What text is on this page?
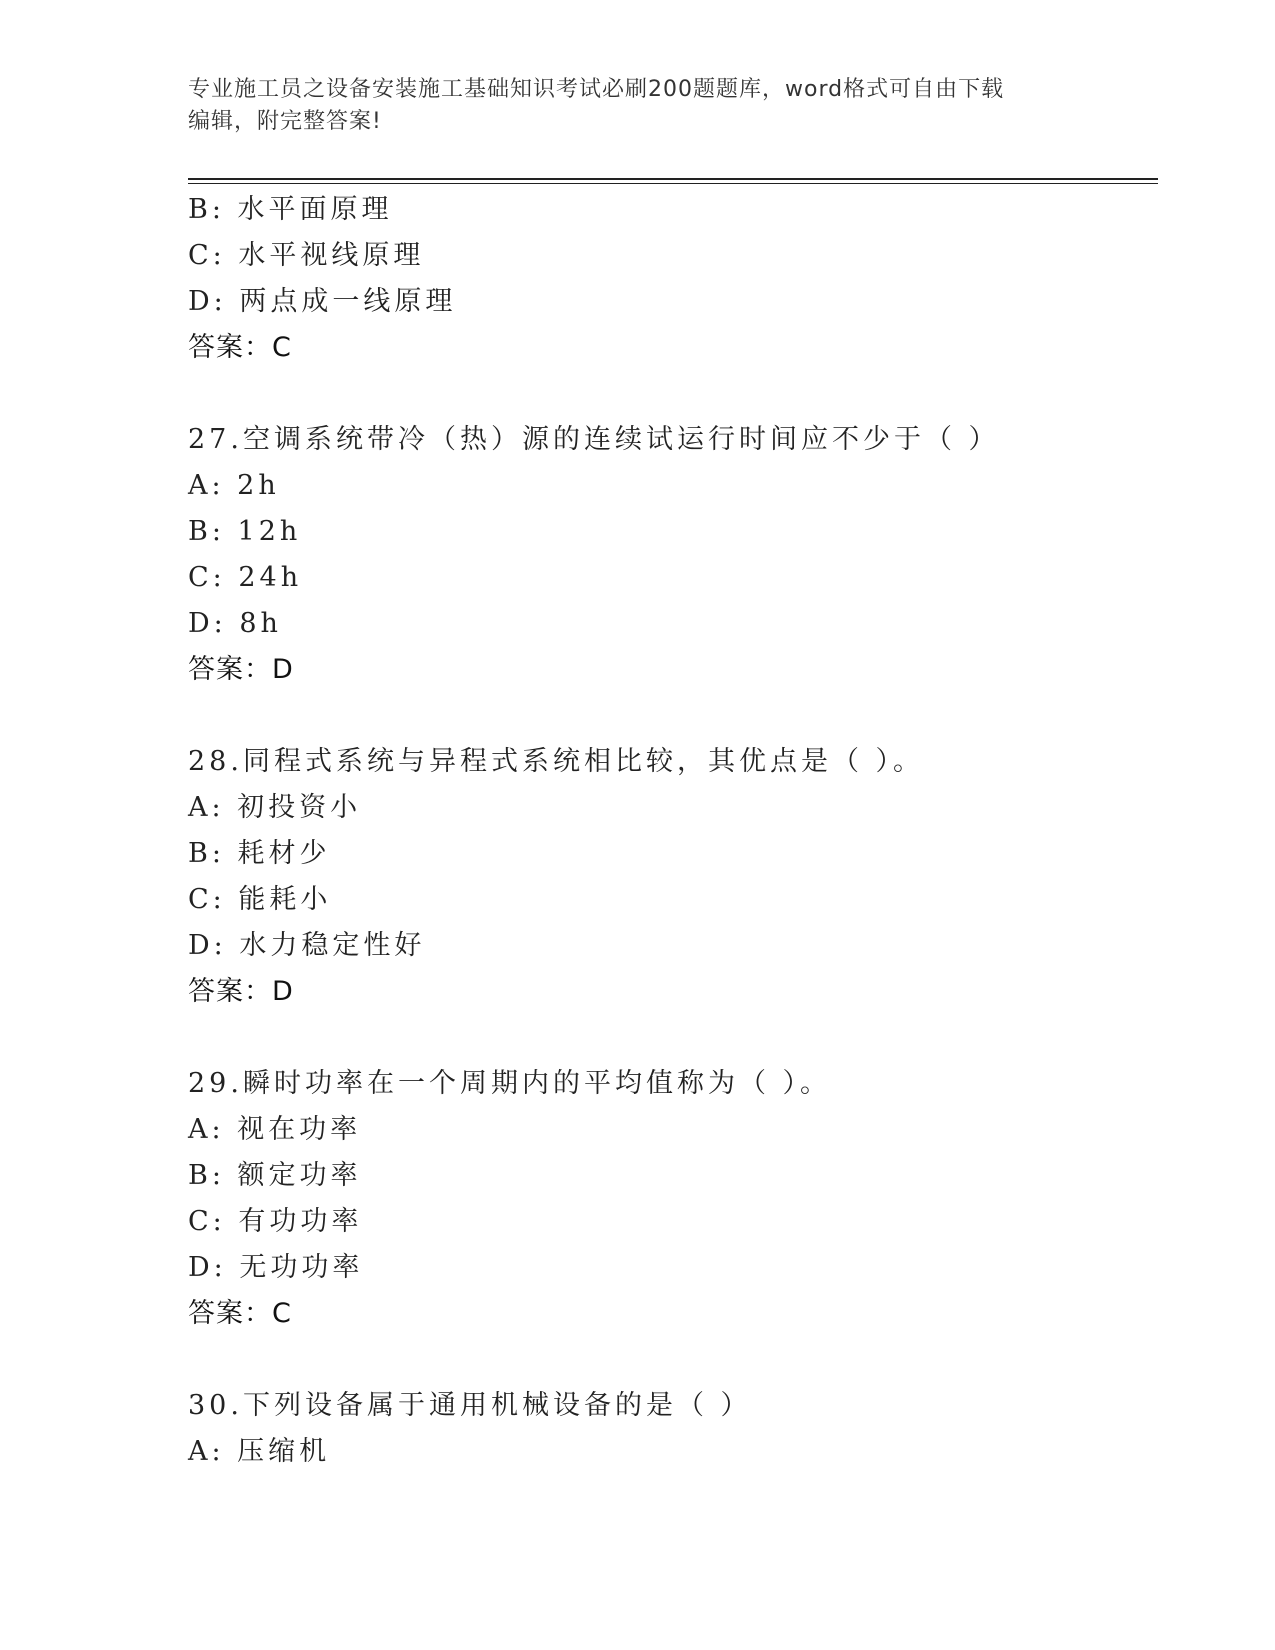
专业施工员之设备安装施工基础知识考试必刷200题题库，word格式可自由下载
编辑，附完整答案!
B: 水平面原理
C: 水平视线原理
D: 两点成一线原理
答案：C
27.空调系统带冷（热）源的连续试运行时间应不少于（ ）
A: 2h
B: 12h
C: 24h
D: 8h
答案：D
28.同程式系统与异程式系统相比较，其优点是（ ）。
A: 初投资小
B: 耗材少
C: 能耗小
D: 水力稳定性好
答案：D
29.瞬时功率在一个周期内的平均值称为（ ）。
A: 视在功率
B: 额定功率
C: 有功功率
D: 无功功率
答案：C
30.下列设备属于通用机械设备的是（ ）
A: 压缩机
